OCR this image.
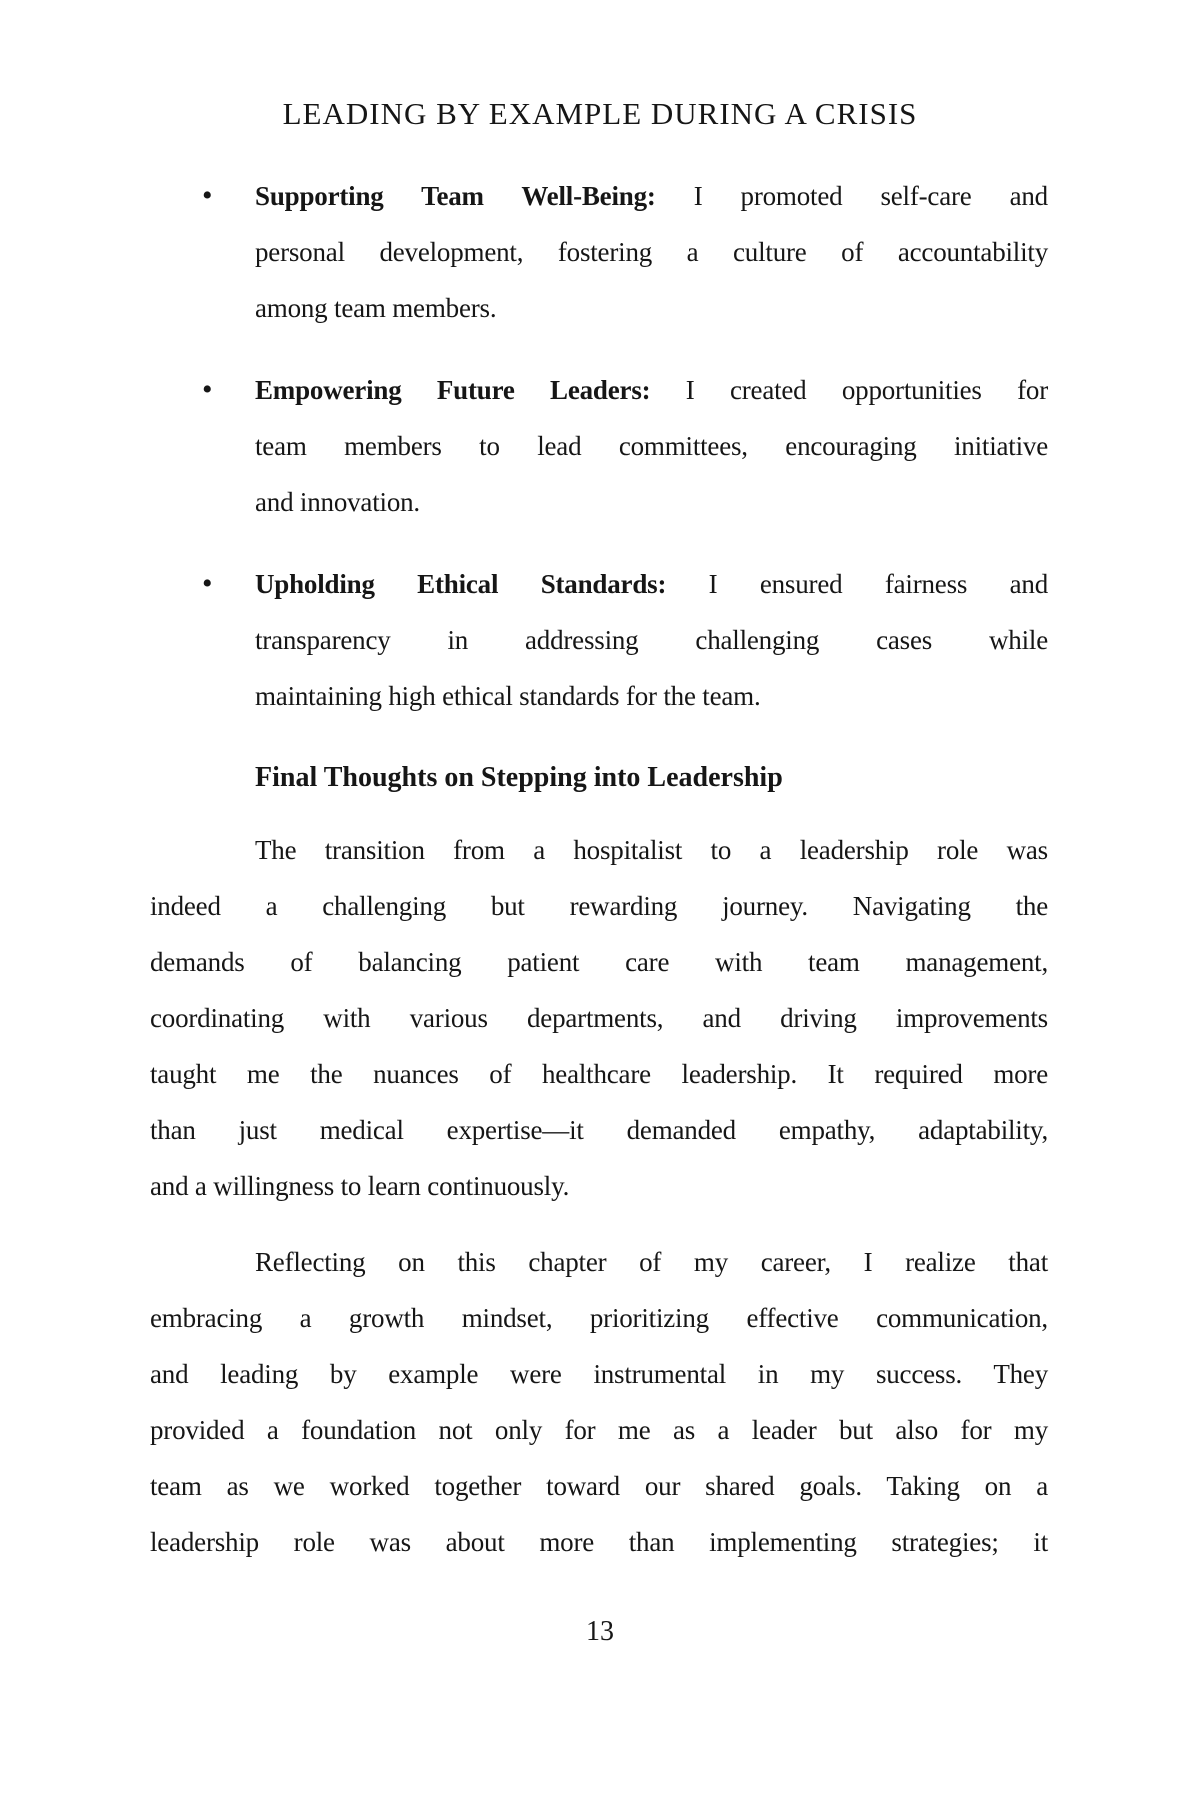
LEADING BY EXAMPLE DURING A CRISIS
• Supporting Team Well-Being: I promoted self-care and
personal development, fostering a culture of accountability
among team members.
• Empowering Future Leaders: I created opportunities for
team members to lead committees, encouraging initiative
and innovation.
• Upholding Ethical Standards: I ensured fairness and
transparency in addressing challenging cases while
maintaining high ethical standards for the team.
Final Thoughts on Stepping into Leadership
The transition from a hospitalist to a leadership role was
indeed a challenging but rewarding journey. Navigating the
demands of balancing patient care with team management,
coordinating with various departments, and driving improvements
taught me the nuances of healthcare leadership. It required more
than just medical expertise—it demanded empathy, adaptability,
and a willingness to learn continuously.
Reflecting on this chapter of my career, I realize that
embracing a growth mindset, prioritizing effective communication,
and leading by example were instrumental in my success. They
provided a foundation not only for me as a leader but also for my
team as we worked together toward our shared goals. Taking on a
leadership role was about more than implementing strategies; it
13
